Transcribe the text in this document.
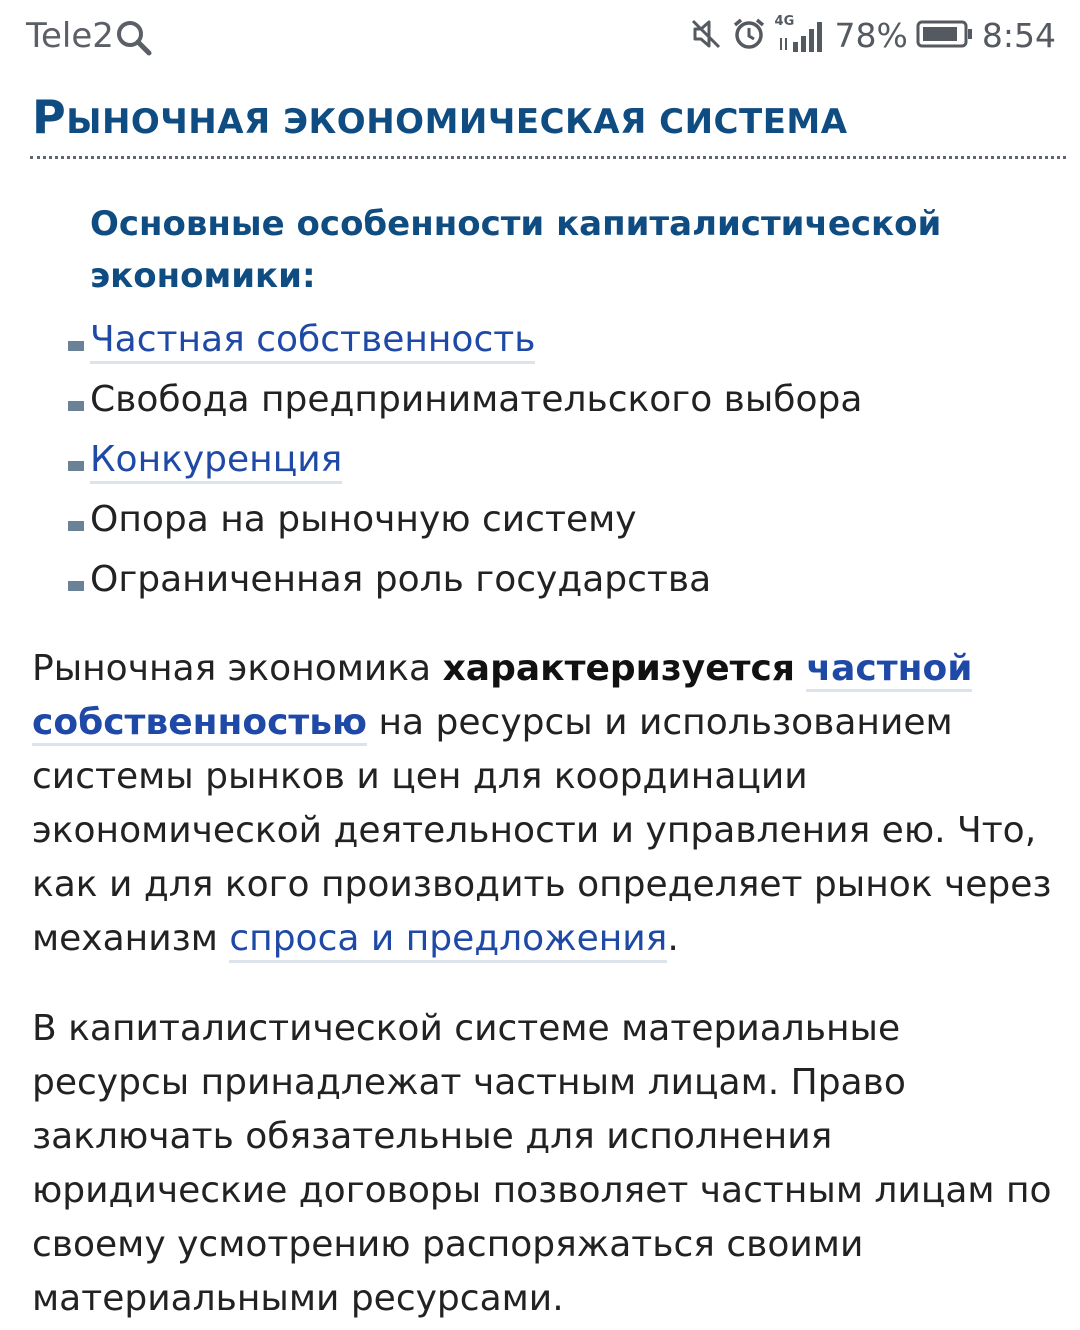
Tele2	4G 78% 8:54
РЫНОЧНАЯ ЭКОНОМИЧЕСКАЯ СИСТЕМА
Основные особенности капиталистической экономики:
Частная собственность
Свобода предпринимательского выбора
Конкуренция
Опора на рыночную систему
Ограниченная роль государства

Рыночная экономика характеризуется частной собственностью на ресурсы и использованием системы рынков и цен для координации экономической деятельности и управления ею. Что, как и для кого производить определяет рынок через механизм спроса и предложения.

В капиталистической системе материальные ресурсы принадлежат частным лицам. Право заключать обязательные для исполнения юридические договоры позволяет частным лицам по своему усмотрению распоряжаться своими материальными ресурсами.
